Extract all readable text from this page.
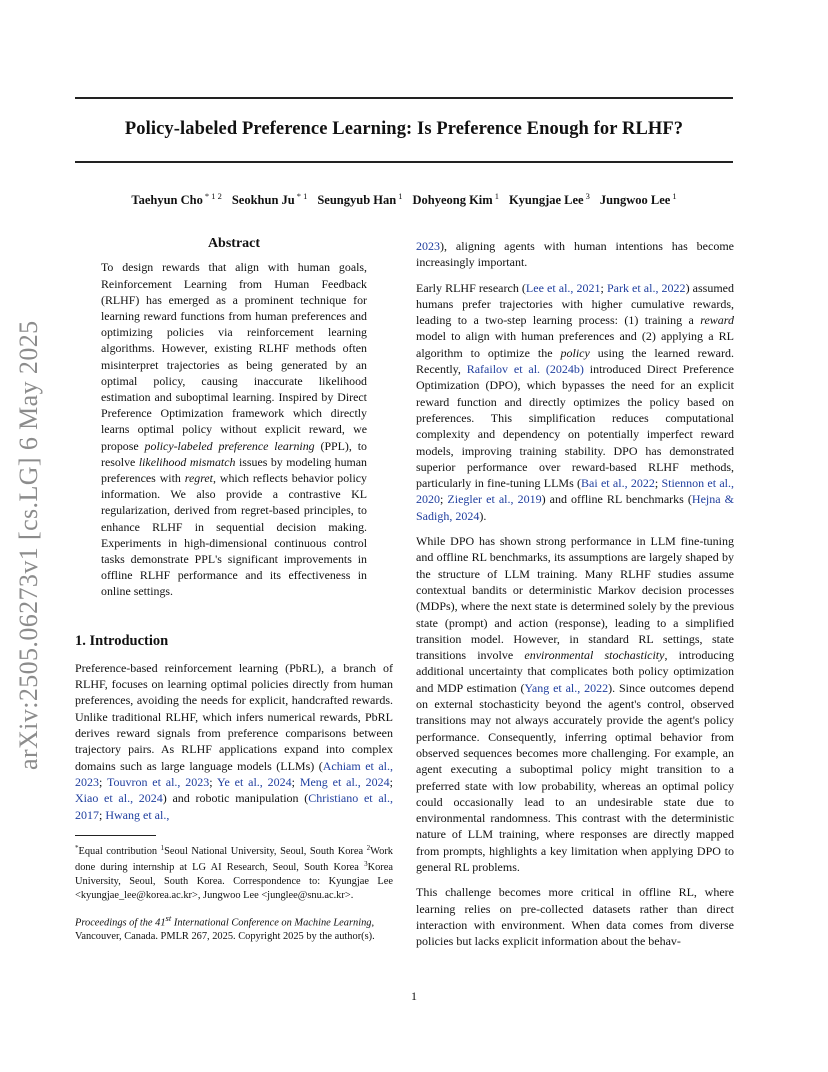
Policy-labeled Preference Learning: Is Preference Enough for RLHF?
Taehyun Cho $^{* 1 2}$ Seokhun Ju $^{* 1}$ Seungyub Han $^1$ Dohyeong Kim $^1$ Kyungjae Lee $^3$ Jungwoo Lee $^1$
arXiv:2505.06273v1 [cs.LG] 6 May 2025
Abstract

To design rewards that align with human goals, Reinforcement Learning from Human Feedback (RLHF) has emerged as a prominent technique for learning reward functions from human preferences and optimizing policies via reinforcement learning algorithms. However, existing RLHF methods often misinterpret trajectories as being generated by an optimal policy, causing inaccurate likelihood estimation and suboptimal learning. Inspired by Direct Preference Optimization framework which directly learns optimal policy without explicit reward, we propose policy-labeled preference learning (PPL), to resolve likelihood mismatch issues by modeling human preferences with regret, which reflects behavior policy information. We also provide a contrastive KL regularization, derived from regret-based principles, to enhance RLHF in sequential decision making. Experiments in high-dimensional continuous control tasks demonstrate PPL's significant improvements in offline RLHF performance and its effectiveness in online settings.

1. Introduction

Preference-based reinforcement learning (PbRL), a branch of RLHF, focuses on learning optimal policies directly from human preferences, avoiding the needs for explicit, handcrafted rewards. Unlike traditional RLHF, which infers numerical rewards, PbRL derives reward signals from preference comparisons between trajectory pairs. As RLHF applications expand into complex domains such as large language models (LLMs) (Achiam et al., 2023; Touvron et al., 2023; Ye et al., 2024; Meng et al., 2024; Xiao et al., 2024) and robotic manipulation (Christiano et al., 2017; Hwang et al.,

*Equal contribution $^1$Seoul National University, Seoul, South Korea $^2$Work done during internship at LG AI Research, Seoul, South Korea $^3$Korea University, Seoul, South Korea. Correspondence to: Kyungjae Lee <kyungjae_lee@korea.ac.kr>, Jungwoo Lee <junglee@snu.ac.kr>.

Proceedings of the 41st International Conference on Machine Learning, Vancouver, Canada. PMLR 267, 2025. Copyright 2025 by the author(s).

2023), aligning agents with human intentions has become increasingly important.

Early RLHF research (Lee et al., 2021; Park et al., 2022) assumed humans prefer trajectories with higher cumulative rewards, leading to a two-step learning process: (1) training a reward model to align with human preferences and (2) applying a RL algorithm to optimize the policy using the learned reward. Recently, Rafailov et al. (2024b) introduced Direct Preference Optimization (DPO), which bypasses the need for an explicit reward function and directly optimizes the policy based on preferences. This simplification reduces computational complexity and dependency on potentially imperfect reward models, improving training stability. DPO has demonstrated superior performance over reward-based RLHF methods, particularly in fine-tuning LLMs (Bai et al., 2022; Stiennon et al., 2020; Ziegler et al., 2019) and offline RL benchmarks (Hejna & Sadigh, 2024).

While DPO has shown strong performance in LLM fine-tuning and offline RL benchmarks, its assumptions are largely shaped by the structure of LLM training. Many RLHF studies assume contextual bandits or deterministic Markov decision processes (MDPs), where the next state is determined solely by the previous state (prompt) and action (response), leading to a simplified transition model. However, in standard RL settings, state transitions involve environmental stochasticity, introducing additional uncertainty that complicates both policy optimization and MDP estimation (Yang et al., 2022). Since outcomes depend on external stochasticity beyond the agent's control, observed transitions may not always accurately provide the agent's policy performance. Consequently, inferring optimal behavior from observed sequences becomes more challenging. For example, an agent executing a suboptimal policy might transition to a preferred state with low probability, whereas an optimal policy could occasionally lead to an undesirable state due to environmental randomness. This contrast with the deterministic nature of LLM training, where responses are directly mapped from prompts, highlights a key limitation when applying DPO to general RL problems.

This challenge becomes more critical in offline RL, where learning relies on pre-collected datasets rather than direct interaction with environment. When data comes from diverse policies but lacks explicit information about the behav-

1
